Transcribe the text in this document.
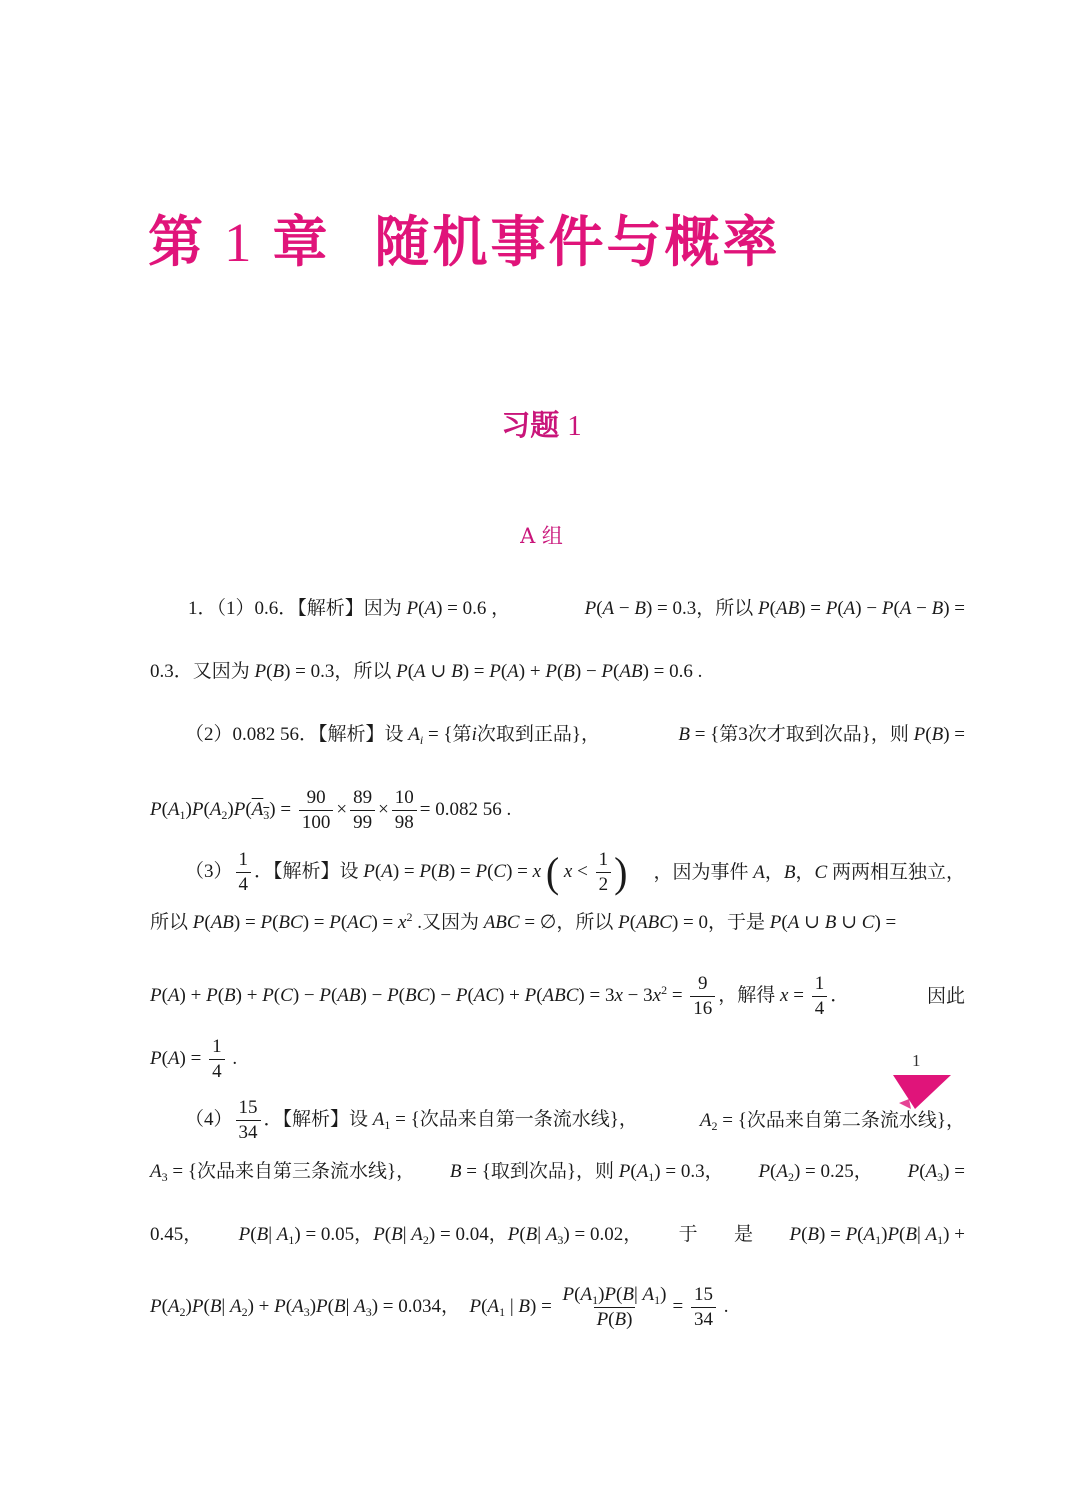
第 1 章 随机事件与概率
习题 1
A 组
1．（1）0.6．【解析】因为 P(A) = 0.6 ，	P(A − B) = 0.3，所以 P(AB) = P(A) − P(A − B) =
0.3．又因为 P(B) = 0.3，所以 P(A ∪ B) = P(A) + P(B) − P(AB) = 0.6 .
（2）0.082 56．【解析】设 $A_i$ = {第i次取到正品}，	B = {第3次才取到次品}，则 P(B) =
$P(A_1)P(A_2)P(A_3) = \frac{90}{100} \times \frac{89}{99} \times \frac{10}{98} = 0.082$ 56 .
$(3) \frac{1}{4}$ ．【解析】设 P(A) = P(B) = P(C) = x ( $x < \frac{1}{2}$ ) ，因为事件 A，B，C 两两相互独立，
所以 $P(AB) = P(BC) = P(AC) = x^2$ .又因为 ABC = ∅，所以 P(ABC) = 0，于是 P(A ∪ B ∪ C) =
$P(A) + P(B) + P(C) - P(AB) - P(BC) - P(AC) + P(ABC) = 3x - 3x^2 = \frac{9}{16}$ ，解得 $x = \frac{1}{4}$ ．	因此
$P(A) = \frac{1}{4}$ .
$(4) \frac{15}{34}$ ．【解析】设 $A_1$ = {次品来自第一条流水线}，	$A_2$ = {次品来自第二条流水线}，
$A_3$ = {次品来自第三条流水线}， B = {取到次品}，则 $P(A_1) = 0.3$， $P(A_2) = 0.25$， $P(A_3)$ =
0.45， P(B| $A_1) = 0.05$，P(B| $A_2) = 0.04$，P(B| $A_3) = 0.02$， 于 是 $P(B) = P(A_1)P(B|$ $A_1$) +
$P(A_2)P(B|$ $A_2) + P(A_3)P(B|$ $A_3) = 0.034$，  $P(A_1$ | $B) = \frac{P(A_1)P(B| A_1)}{P(B)} = \frac{15}{34}$ .
1
